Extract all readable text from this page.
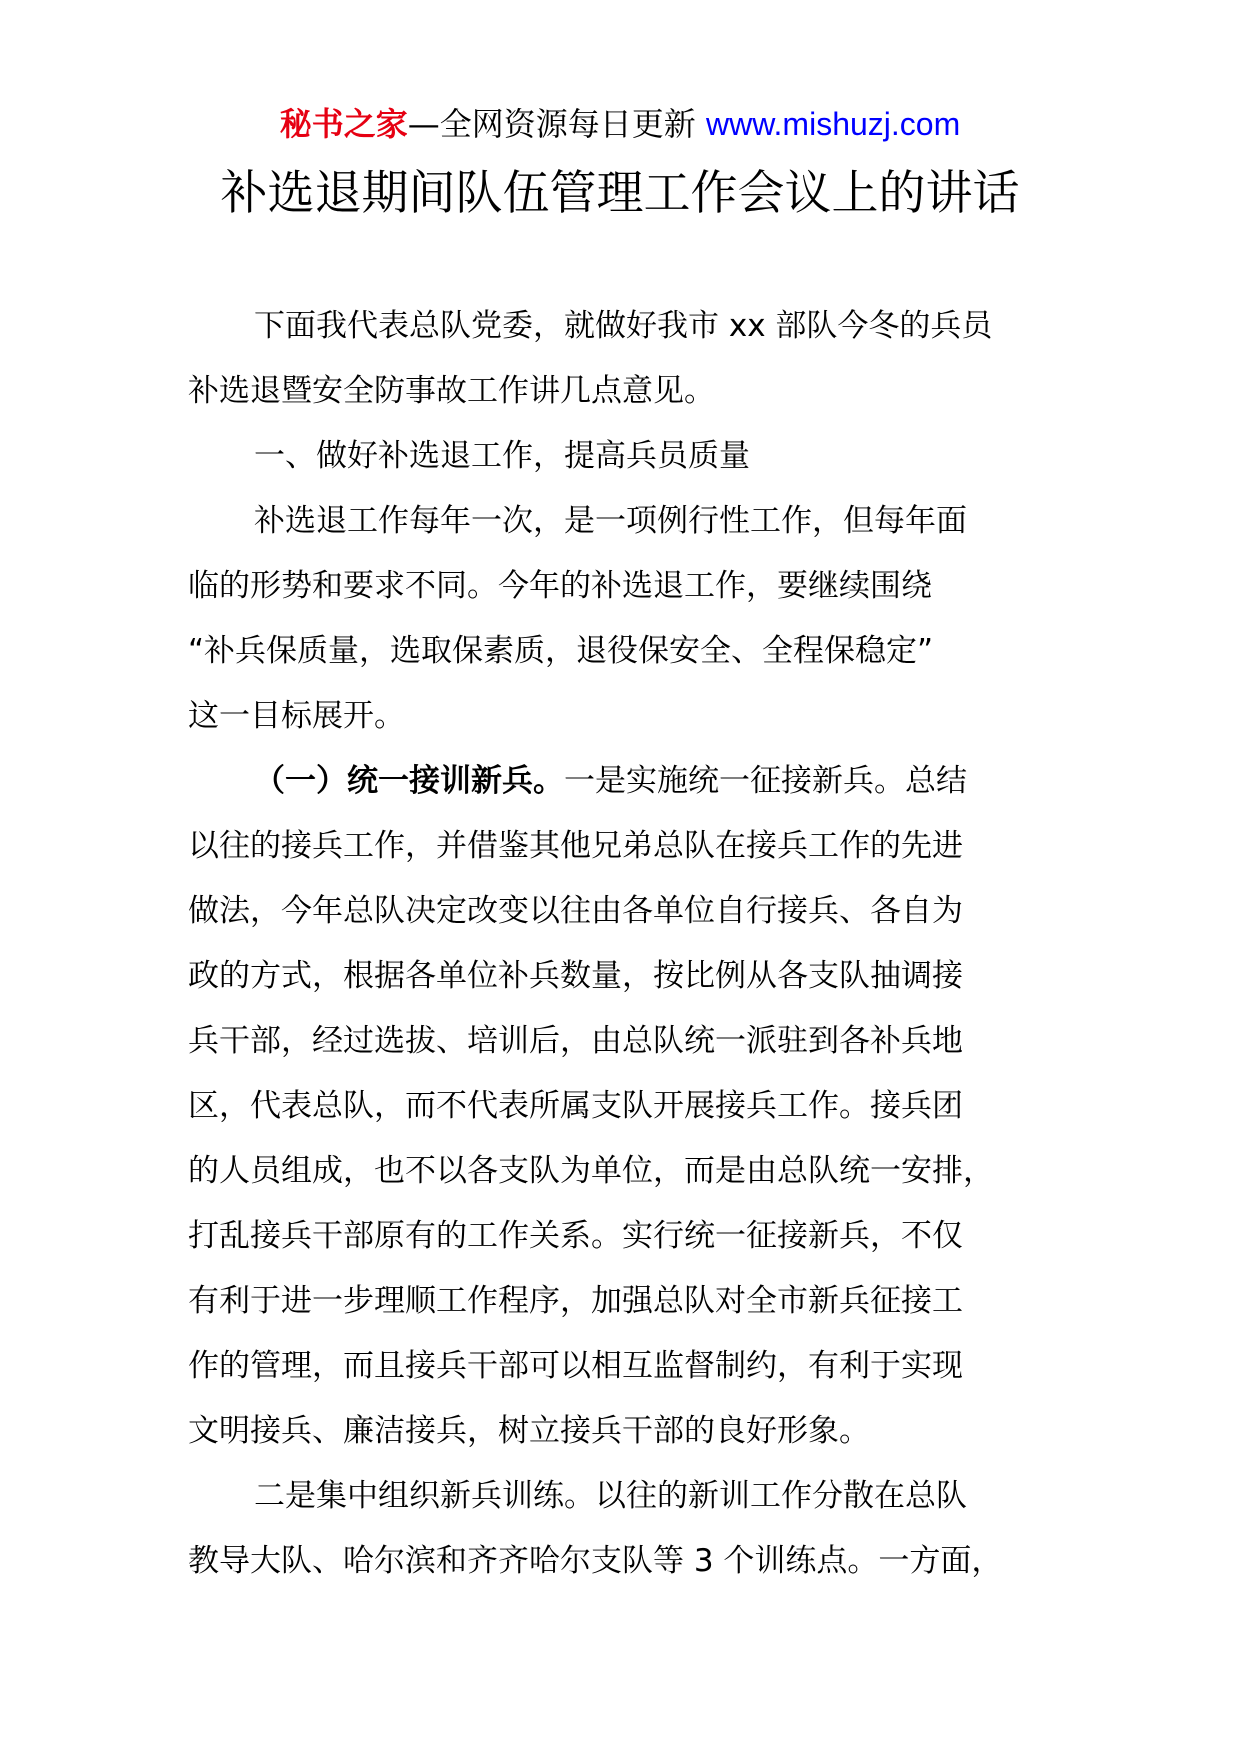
秘书之家—全网资源每日更新 www.mishuzj.com
补选退期间队伍管理工作会议上的讲话
下面我代表总队党委，就做好我市 xx 部队今冬的兵员
补选退暨安全防事故工作讲几点意见。
一、做好补选退工作，提高兵员质量
补选退工作每年一次，是一项例行性工作，但每年面
临的形势和要求不同。今年的补选退工作，要继续围绕
“补兵保质量，选取保素质，退役保安全、全程保稳定”
这一目标展开。
（一）统一接训新兵。一是实施统一征接新兵。总结
以往的接兵工作，并借鉴其他兄弟总队在接兵工作的先进
做法，今年总队决定改变以往由各单位自行接兵、各自为
政的方式，根据各单位补兵数量，按比例从各支队抽调接
兵干部，经过选拔、培训后，由总队统一派驻到各补兵地
区，代表总队，而不代表所属支队开展接兵工作。接兵团
的人员组成，也不以各支队为单位，而是由总队统一安排，
打乱接兵干部原有的工作关系。实行统一征接新兵，不仅
有利于进一步理顺工作程序，加强总队对全市新兵征接工
作的管理，而且接兵干部可以相互监督制约，有利于实现
文明接兵、廉洁接兵，树立接兵干部的良好形象。
二是集中组织新兵训练。以往的新训工作分散在总队
教导大队、哈尔滨和齐齐哈尔支队等 3 个训练点。一方面，
